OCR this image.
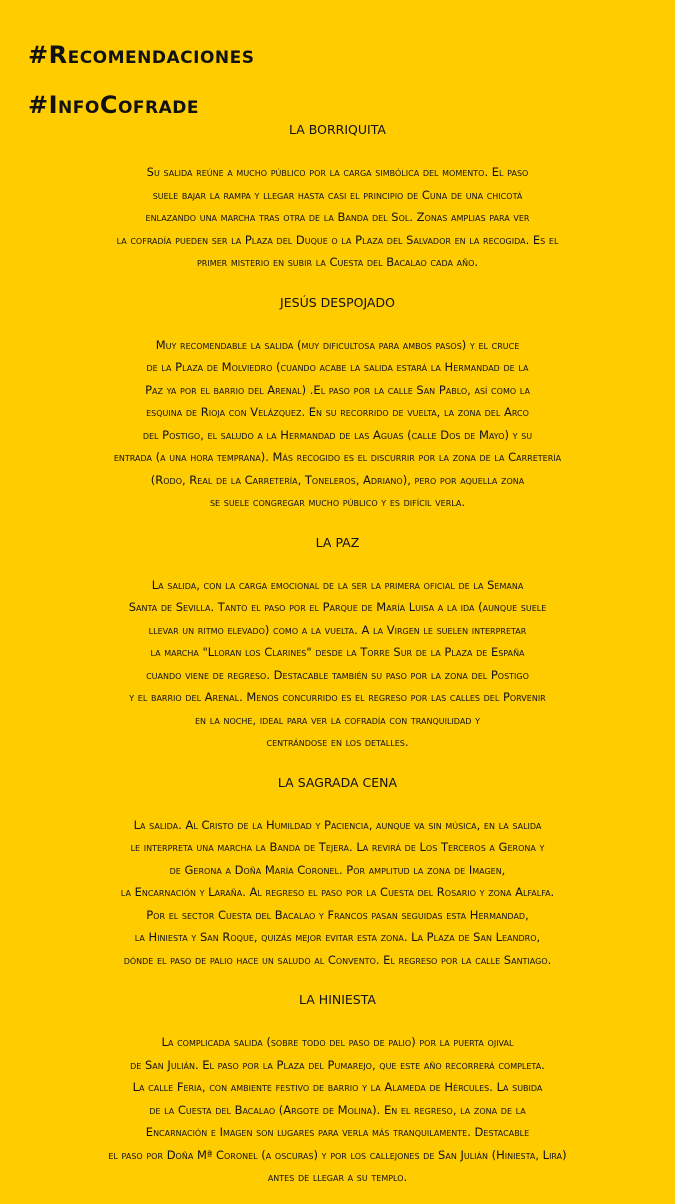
#Recomendaciones
#InfoCofrade
LA BORRIQUITA
Su salida reúne a mucho público por la carga simbólica del momento. El paso
suele bajar la rampa y llegar hasta casi el principio de Cuna de una chicotá
enlazando una marcha tras otra de la Banda del Sol. Zonas amplias para ver
la cofradía pueden ser la Plaza del Duque o la Plaza del Salvador en la recogida. Es el
primer misterio en subir la Cuesta del Bacalao cada año.
JESÚS DESPOJADO
Muy recomendable la salida (muy dificultosa para ambos pasos) y el cruce
de la Plaza de Molviedro (cuando acabe la salida estará la Hermandad de la
Paz ya por el barrio del Arenal) .El paso por la calle San Pablo, así como la
esquina de Rioja con Velázquez. En su recorrido de vuelta, la zona del Arco
del Postigo, el saludo a la Hermandad de las Aguas (calle Dos de Mayo) y su
entrada (a una hora temprana). Más recogido es el discurrir por la zona de la Carretería
(Rodo, Real de la Carretería, Toneleros, Adriano), pero por aquella zona
se suele congregar mucho público y es difícil verla.
LA PAZ
La salida, con la carga emocional de la ser la primera oficial de la Semana
Santa de Sevilla. Tanto el paso por el Parque de María Luisa a la ida (aunque suele
llevar un ritmo elevado) como a la vuelta. A la Virgen le suelen interpretar
la marcha "Lloran los Clarines" desde la Torre Sur de la Plaza de España
cuando viene de regreso. Destacable también su paso por la zona del Postigo
y el barrio del Arenal. Menos concurrido es el regreso por las calles del Porvenir
en la noche, ideal para ver la cofradía con tranquilidad y
centrándose en los detalles.
LA SAGRADA CENA
La salida. Al Cristo de la Humildad y Paciencia, aunque va sin música, en la salida
le interpreta una marcha la Banda de Tejera. La revirá de Los Terceros a Gerona y
de Gerona a Doña María Coronel. Por amplitud la zona de Imagen,
la Encarnación y Laraña. Al regreso el paso por la Cuesta del Rosario y zona Alfalfa.
Por el sector Cuesta del Bacalao y Francos pasan seguidas esta Hermandad,
la Hiniesta y San Roque, quizás mejor evitar esta zona. La Plaza de San Leandro,
dónde el paso de palio hace un saludo al Convento. El regreso por la calle Santiago.
LA HINIESTA
La complicada salida (sobre todo del paso de palio) por la puerta ojival
de San Julián. El paso por la Plaza del Pumarejo, que este año recorrerá completa.
La calle Feria, con ambiente festivo de barrio y la Alameda de Hércules. La subida
de la Cuesta del Bacalao (Argote de Molina). En el regreso, la zona de la
Encarnación e Imagen son lugares para verla más tranquilamente. Destacable
el paso por Doña Mª Coronel (a oscuras) y por los callejones de San Julián (Hiniesta, Lira)
antes de llegar a su templo.
